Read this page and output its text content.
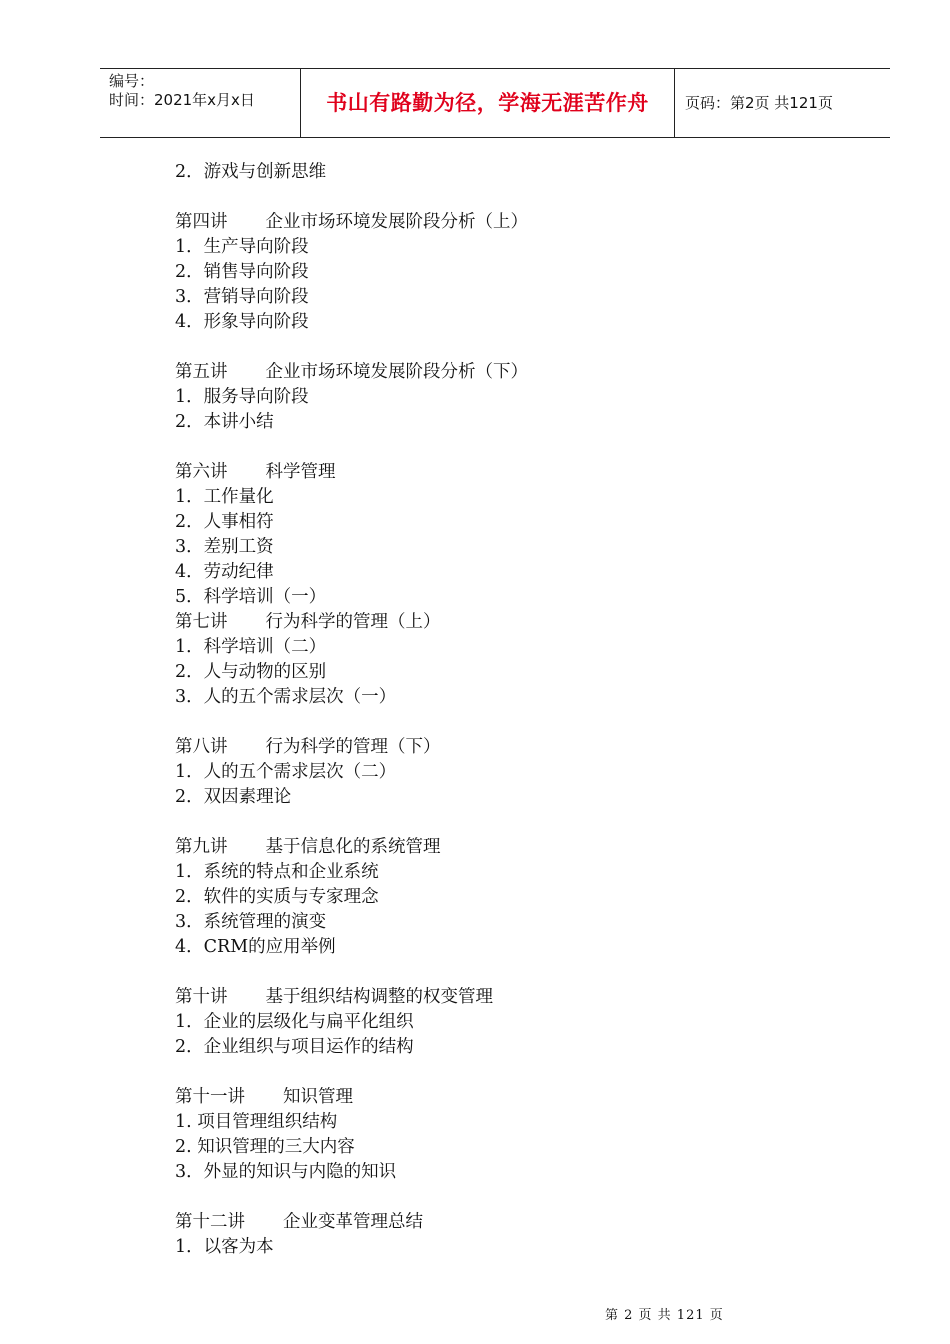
编号：
时间：2021年x月x日	书山有路勤为径，学海无涯苦作舟	页码：第2页 共121页
2．游戏与创新思维
第四讲 企业市场环境发展阶段分析（上）
1．生产导向阶段
2．销售导向阶段
3．营销导向阶段
4．形象导向阶段
第五讲 企业市场环境发展阶段分析（下）
1．服务导向阶段
2．本讲小结
第六讲 科学管理
1．工作量化
2．人事相符
3．差别工资
4．劳动纪律
5．科学培训（一）
第七讲 行为科学的管理（上）
1．科学培训（二）
2．人与动物的区别
3．人的五个需求层次（一）
第八讲 行为科学的管理（下）
1．人的五个需求层次（二）
2．双因素理论
第九讲 基于信息化的系统管理
1．系统的特点和企业系统
2．软件的实质与专家理念
3．系统管理的演变
4．CRM的应用举例
第十讲 基于组织结构调整的权变管理
1．企业的层级化与扁平化组织
2．企业组织与项目运作的结构
第十一讲 知识管理
1. 项目管理组织结构
2. 知识管理的三大内容
3．外显的知识与内隐的知识
第十二讲 企业变革管理总结
1．以客为本
第 2 页 共 121 页
